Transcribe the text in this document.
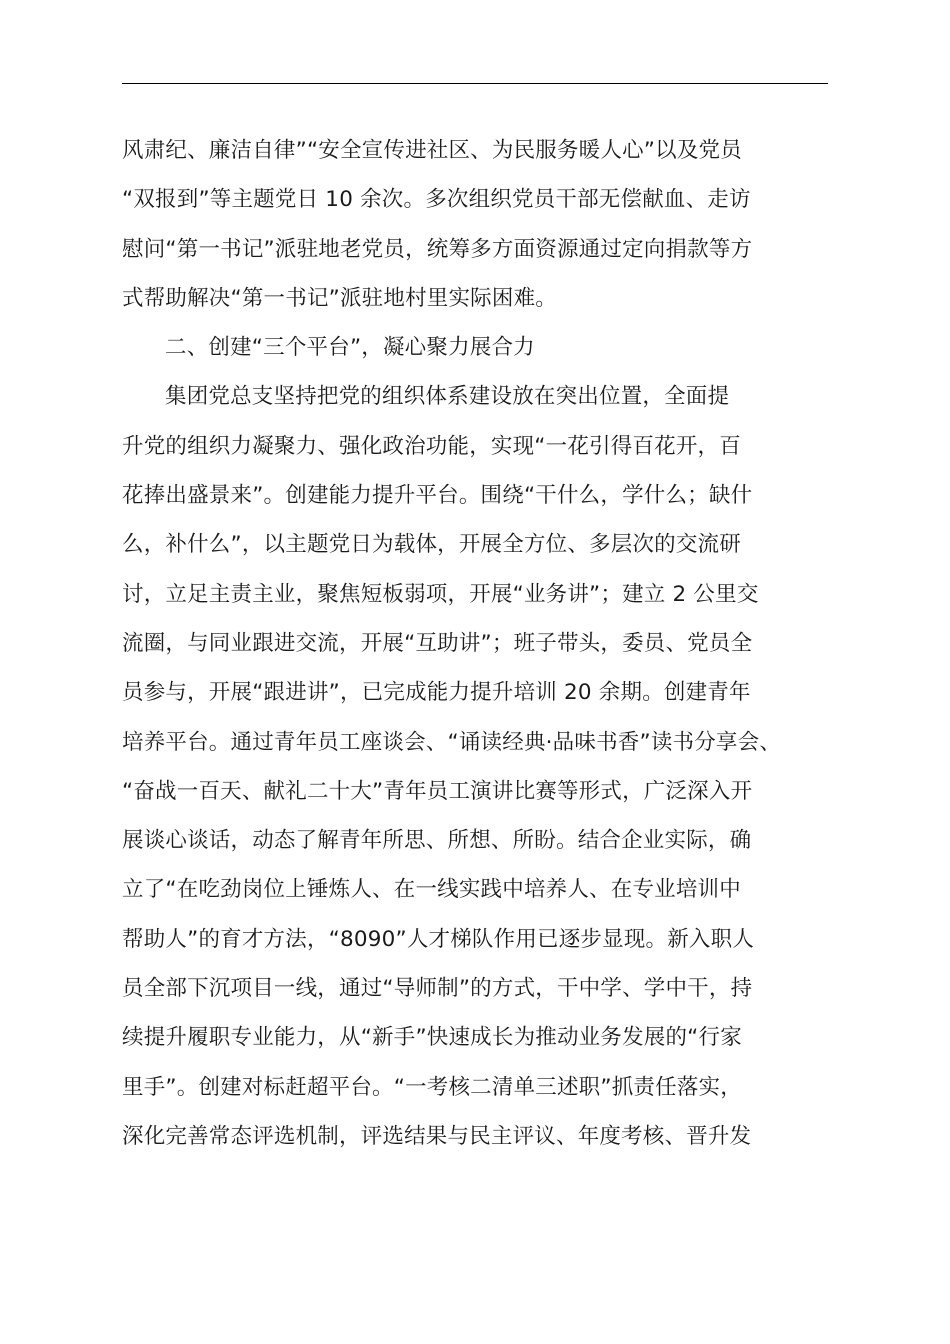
风肃纪、廉洁自律”“安全宣传进社区、为民服务暖人心”以及党员
“双报到”等主题党日 10 余次。多次组织党员干部无偿献血、走访
慰问“第一书记”派驻地老党员，统筹多方面资源通过定向捐款等方
式帮助解决“第一书记”派驻地村里实际困难。
二、创建“三个平台”，凝心聚力展合力
集团党总支坚持把党的组织体系建设放在突出位置，全面提
升党的组织力凝聚力、强化政治功能，实现“一花引得百花开，百
花捧出盛景来”。创建能力提升平台。围绕“干什么，学什么；缺什
么，补什么”，以主题党日为载体，开展全方位、多层次的交流研
讨，立足主责主业，聚焦短板弱项，开展“业务讲”；建立 2 公里交
流圈，与同业跟进交流，开展“互助讲”；班子带头，委员、党员全
员参与，开展“跟进讲”，已完成能力提升培训 20 余期。创建青年
培养平台。通过青年员工座谈会、“诵读经典·品味书香”读书分享会、
“奋战一百天、献礼二十大”青年员工演讲比赛等形式，广泛深入开
展谈心谈话，动态了解青年所思、所想、所盼。结合企业实际，确
立了“在吃劲岗位上锤炼人、在一线实践中培养人、在专业培训中
帮助人”的育才方法，“8090”人才梯队作用已逐步显现。新入职人
员全部下沉项目一线，通过“导师制”的方式，干中学、学中干，持
续提升履职专业能力，从“新手”快速成长为推动业务发展的“行家
里手”。创建对标赶超平台。“一考核二清单三述职”抓责任落实，
深化完善常态评选机制，评选结果与民主评议、年度考核、晋升发
